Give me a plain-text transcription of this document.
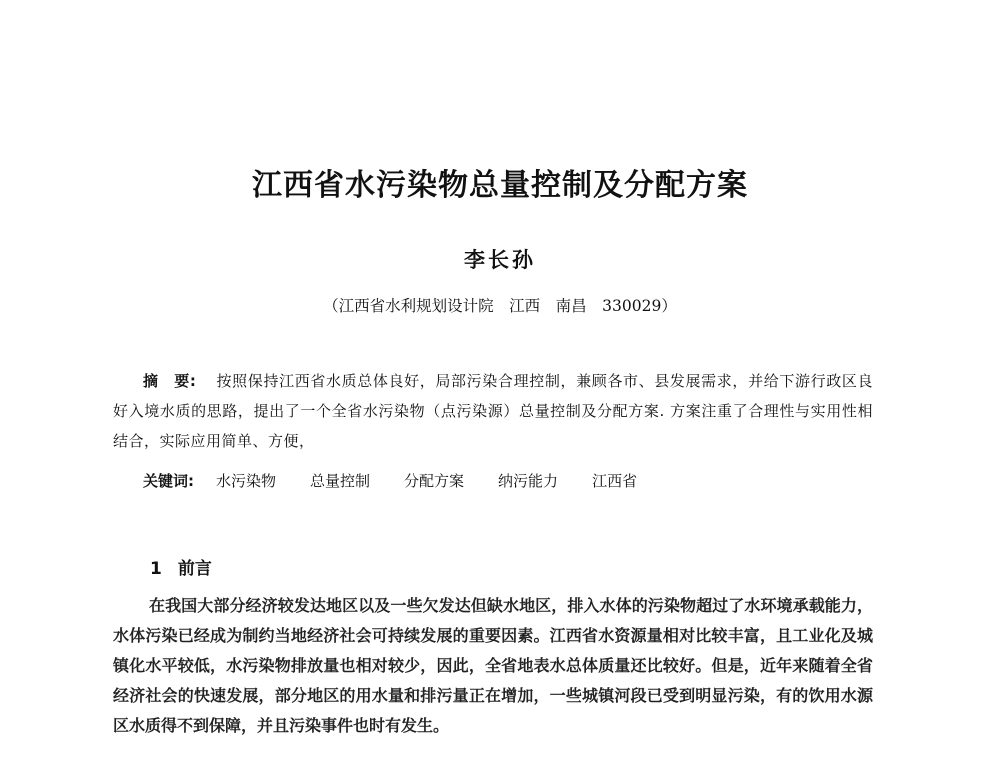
江西省水污染物总量控制及分配方案
李长孙
（江西省水利规划设计院　江西　南昌　330029）
摘　要: 按照保持江西省水质总体良好，局部污染合理控制，兼顾各市、县发展需求，并给下游行政区良好入境水质的思路，提出了一个全省水污染物（点污染源）总量控制及分配方案. 方案注重了合理性与实用性相结合，实际应用简单、方便，
关键词: 水污染物 总量控制 分配方案 纳污能力 江西省
1 前言
在我国大部分经济较发达地区以及一些欠发达但缺水地区，排入水体的污染物超过了水环境承载能力，水体污染已经成为制约当地经济社会可持续发展的重要因素。江西省水资源量相对比较丰富，且工业化及城镇化水平较低，水污染物排放量也相对较少，因此，全省地表水总体质量还比较好。但是，近年来随着全省经济社会的快速发展，部分地区的用水量和排污量正在增加，一些城镇河段已受到明显污染，有的饮用水源区水质得不到保障，并且污染事件也时有发生。
